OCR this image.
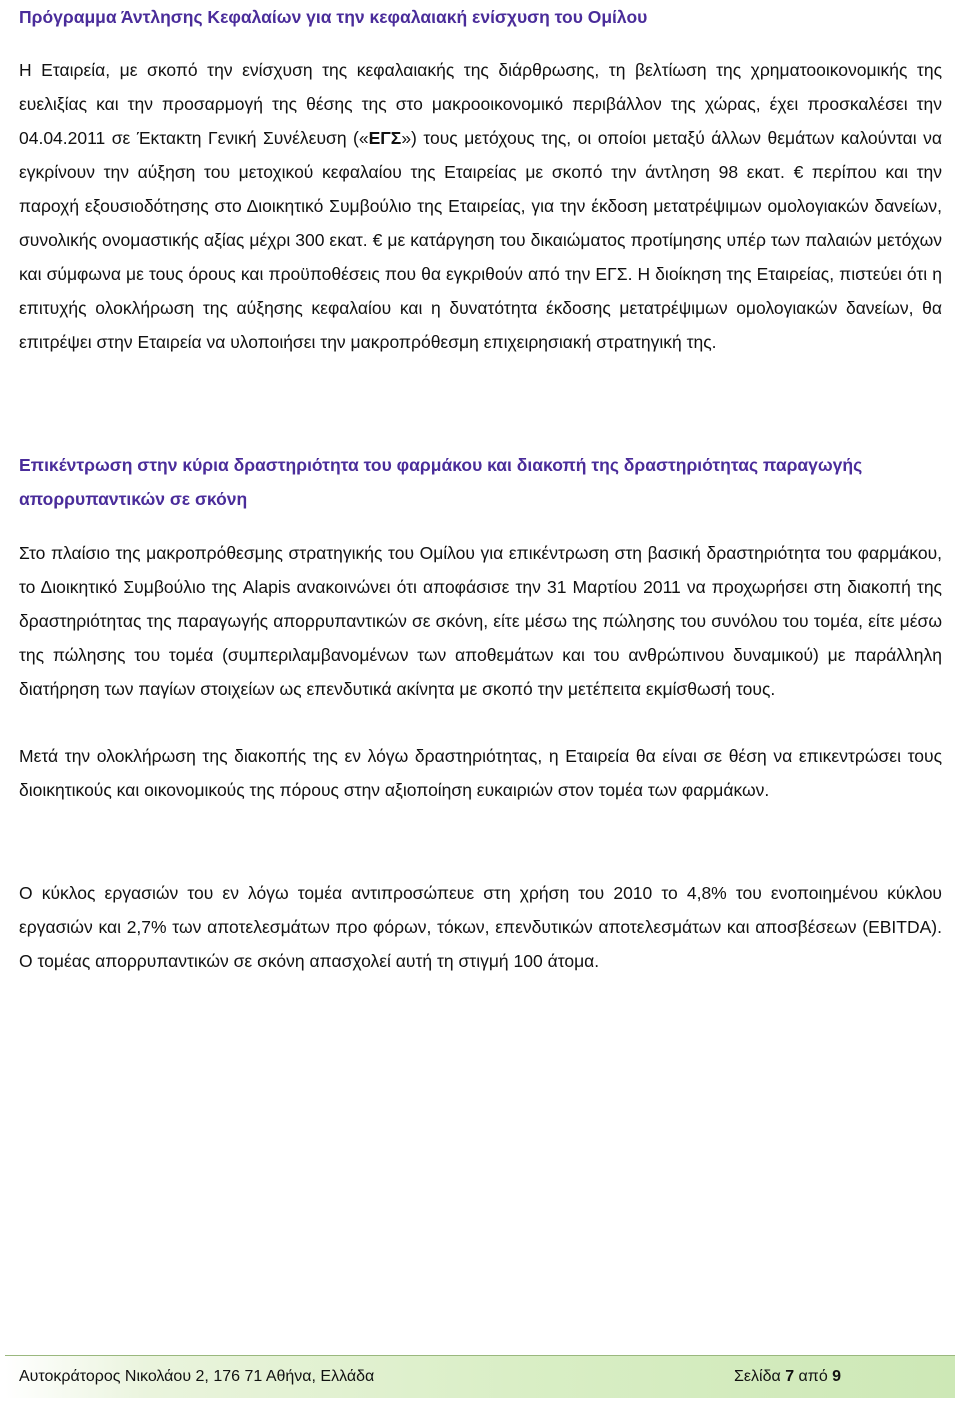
Πρόγραμμα Άντλησης Κεφαλαίων για την κεφαλαιακή ενίσχυση του Ομίλου

Η Εταιρεία, με σκοπό την ενίσχυση της κεφαλαιακής της διάρθρωσης, τη βελτίωση της χρηματοοικονομικής της ευελιξίας και την προσαρμογή της θέσης της στο μακροοικονομικό περιβάλλον της χώρας, έχει προσκαλέσει την 04.04.2011 σε Έκτακτη Γενική Συνέλευση («ΕΓΣ») τους μετόχους της, οι οποίοι μεταξύ άλλων θεμάτων καλούνται να εγκρίνουν την αύξηση του μετοχικού κεφαλαίου της Εταιρείας με σκοπό την άντληση 98 εκατ. € περίπου και την παροχή εξουσιοδότησης στο Διοικητικό Συμβούλιο της Εταιρείας, για την έκδοση μετατρέψιμων ομολογιακών δανείων, συνολικής ονομαστικής αξίας μέχρι 300 εκατ. € με κατάργηση του δικαιώματος προτίμησης υπέρ των παλαιών μετόχων και σύμφωνα με τους όρους και προϋποθέσεις που θα εγκριθούν από την ΕΓΣ. Η διοίκηση της Εταιρείας, πιστεύει ότι η επιτυχής ολοκλήρωση της αύξησης κεφαλαίου και η δυνατότητα έκδοσης μετατρέψιμων ομολογιακών δανείων, θα επιτρέψει στην Εταιρεία να υλοποιήσει την μακροπρόθεσμη επιχειρησιακή στρατηγική της.

Επικέντρωση στην κύρια δραστηριότητα του φαρμάκου και διακοπή της δραστηριότητας παραγωγής απορρυπαντικών σε σκόνη

Στο πλαίσιο της μακροπρόθεσμης στρατηγικής του Ομίλου για επικέντρωση στη βασική δραστηριότητα του φαρμάκου, το Διοικητικό Συμβούλιο της Alapis ανακοινώνει ότι αποφάσισε την 31 Μαρτίου 2011 να προχωρήσει στη διακοπή της δραστηριότητας της παραγωγής απορρυπαντικών σε σκόνη, είτε μέσω της πώλησης του συνόλου του τομέα, είτε μέσω της πώλησης του τομέα (συμπεριλαμβανομένων των αποθεμάτων και του ανθρώπινου δυναμικού) με παράλληλη διατήρηση των παγίων στοιχείων ως επενδυτικά ακίνητα με σκοπό την μετέπειτα εκμίσθωσή τους.

Μετά την ολοκλήρωση της διακοπής της εν λόγω δραστηριότητας, η Εταιρεία θα είναι σε θέση να επικεντρώσει τους διοικητικούς και οικονομικούς της πόρους στην αξιοποίηση ευκαιριών στον τομέα των φαρμάκων.

Ο κύκλος εργασιών του εν λόγω τομέα αντιπροσώπευε στη χρήση του 2010 το 4,8% του ενοποιημένου κύκλου εργασιών και 2,7% των αποτελεσμάτων προ φόρων, τόκων, επενδυτικών αποτελεσμάτων και αποσβέσεων (EBITDA). Ο τομέας απορρυπαντικών σε σκόνη απασχολεί αυτή τη στιγμή 100 άτομα.

Αυτοκράτορος Νικολάου 2, 176 71 Αθήνα, Ελλάδα	Σελίδα 7 από 9
